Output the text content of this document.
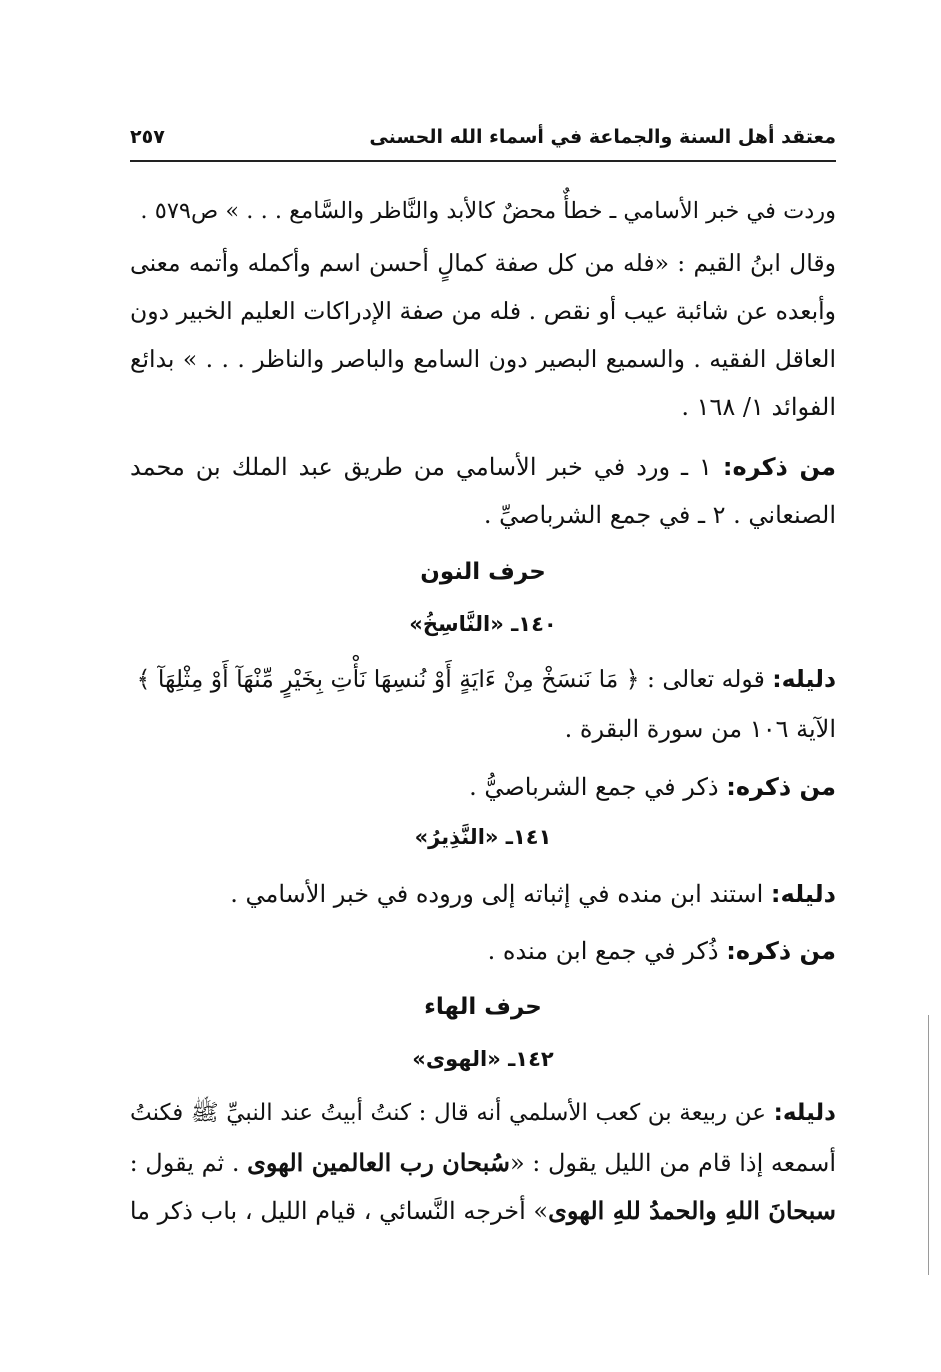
معتقد أهل السنة والجماعة في أسماء الله الحسنى
٢٥٧
وردت في خبر الأسامي ـ خطأٌ محضٌ كالأبد والنَّاظر والسَّامع . . . » ص٥٧٩ .
وقال ابنُ القيم : «فله من كل صفة كمالٍ أحسن اسم وأكمله وأتمه معنى
وأبعده عن شائبة عيب أو نقص . فله من صفة الإدراكات العليم الخبير دون
العاقل الفقيه . والسميع البصير دون السامع والباصر والناظر . . . » بدائع
الفوائد ١/ ١٦٨ .
من ذكره: ١ ـ ورد في خبر الأسامي من طريق عبد الملك بن محمد
الصنعاني . ٢ ـ في جمع الشرباصيِّ .
حرف النون
١٤٠ـ «النَّاسِخُ»
دليله: قوله تعالى : ﴿ مَا نَنسَخْ مِنْ ءَايَةٍ أَوْ نُنسِهَا نَأْتِ بِخَيْرٍ مِّنْهَآ أَوْ مِثْلِهَآ ﴾
الآية ١٠٦ من سورة البقرة .
من ذكره: ذكر في جمع الشرباصيُّ .
١٤١ـ «النَّذِيرُ»
دليله: استند ابن منده في إثباته إلى وروده في خبر الأسامي .
من ذكره: ذُكر في جمع ابن منده .
حرف الهاء
١٤٢ـ «الهوى»
دليله: عن ربيعة بن كعب الأسلمي أنه قال : كنتُ أبيتُ عند النبيِّ ﷺ فكنتُ
أسمعه إذا قام من الليل يقول : «سُبحان رب العالمين الهوى . ثم يقول :
سبحانَ اللهِ والحمدُ للهِ الهوى» أخرجه النَّسائي ، قيام الليل ، باب ذكر ما
